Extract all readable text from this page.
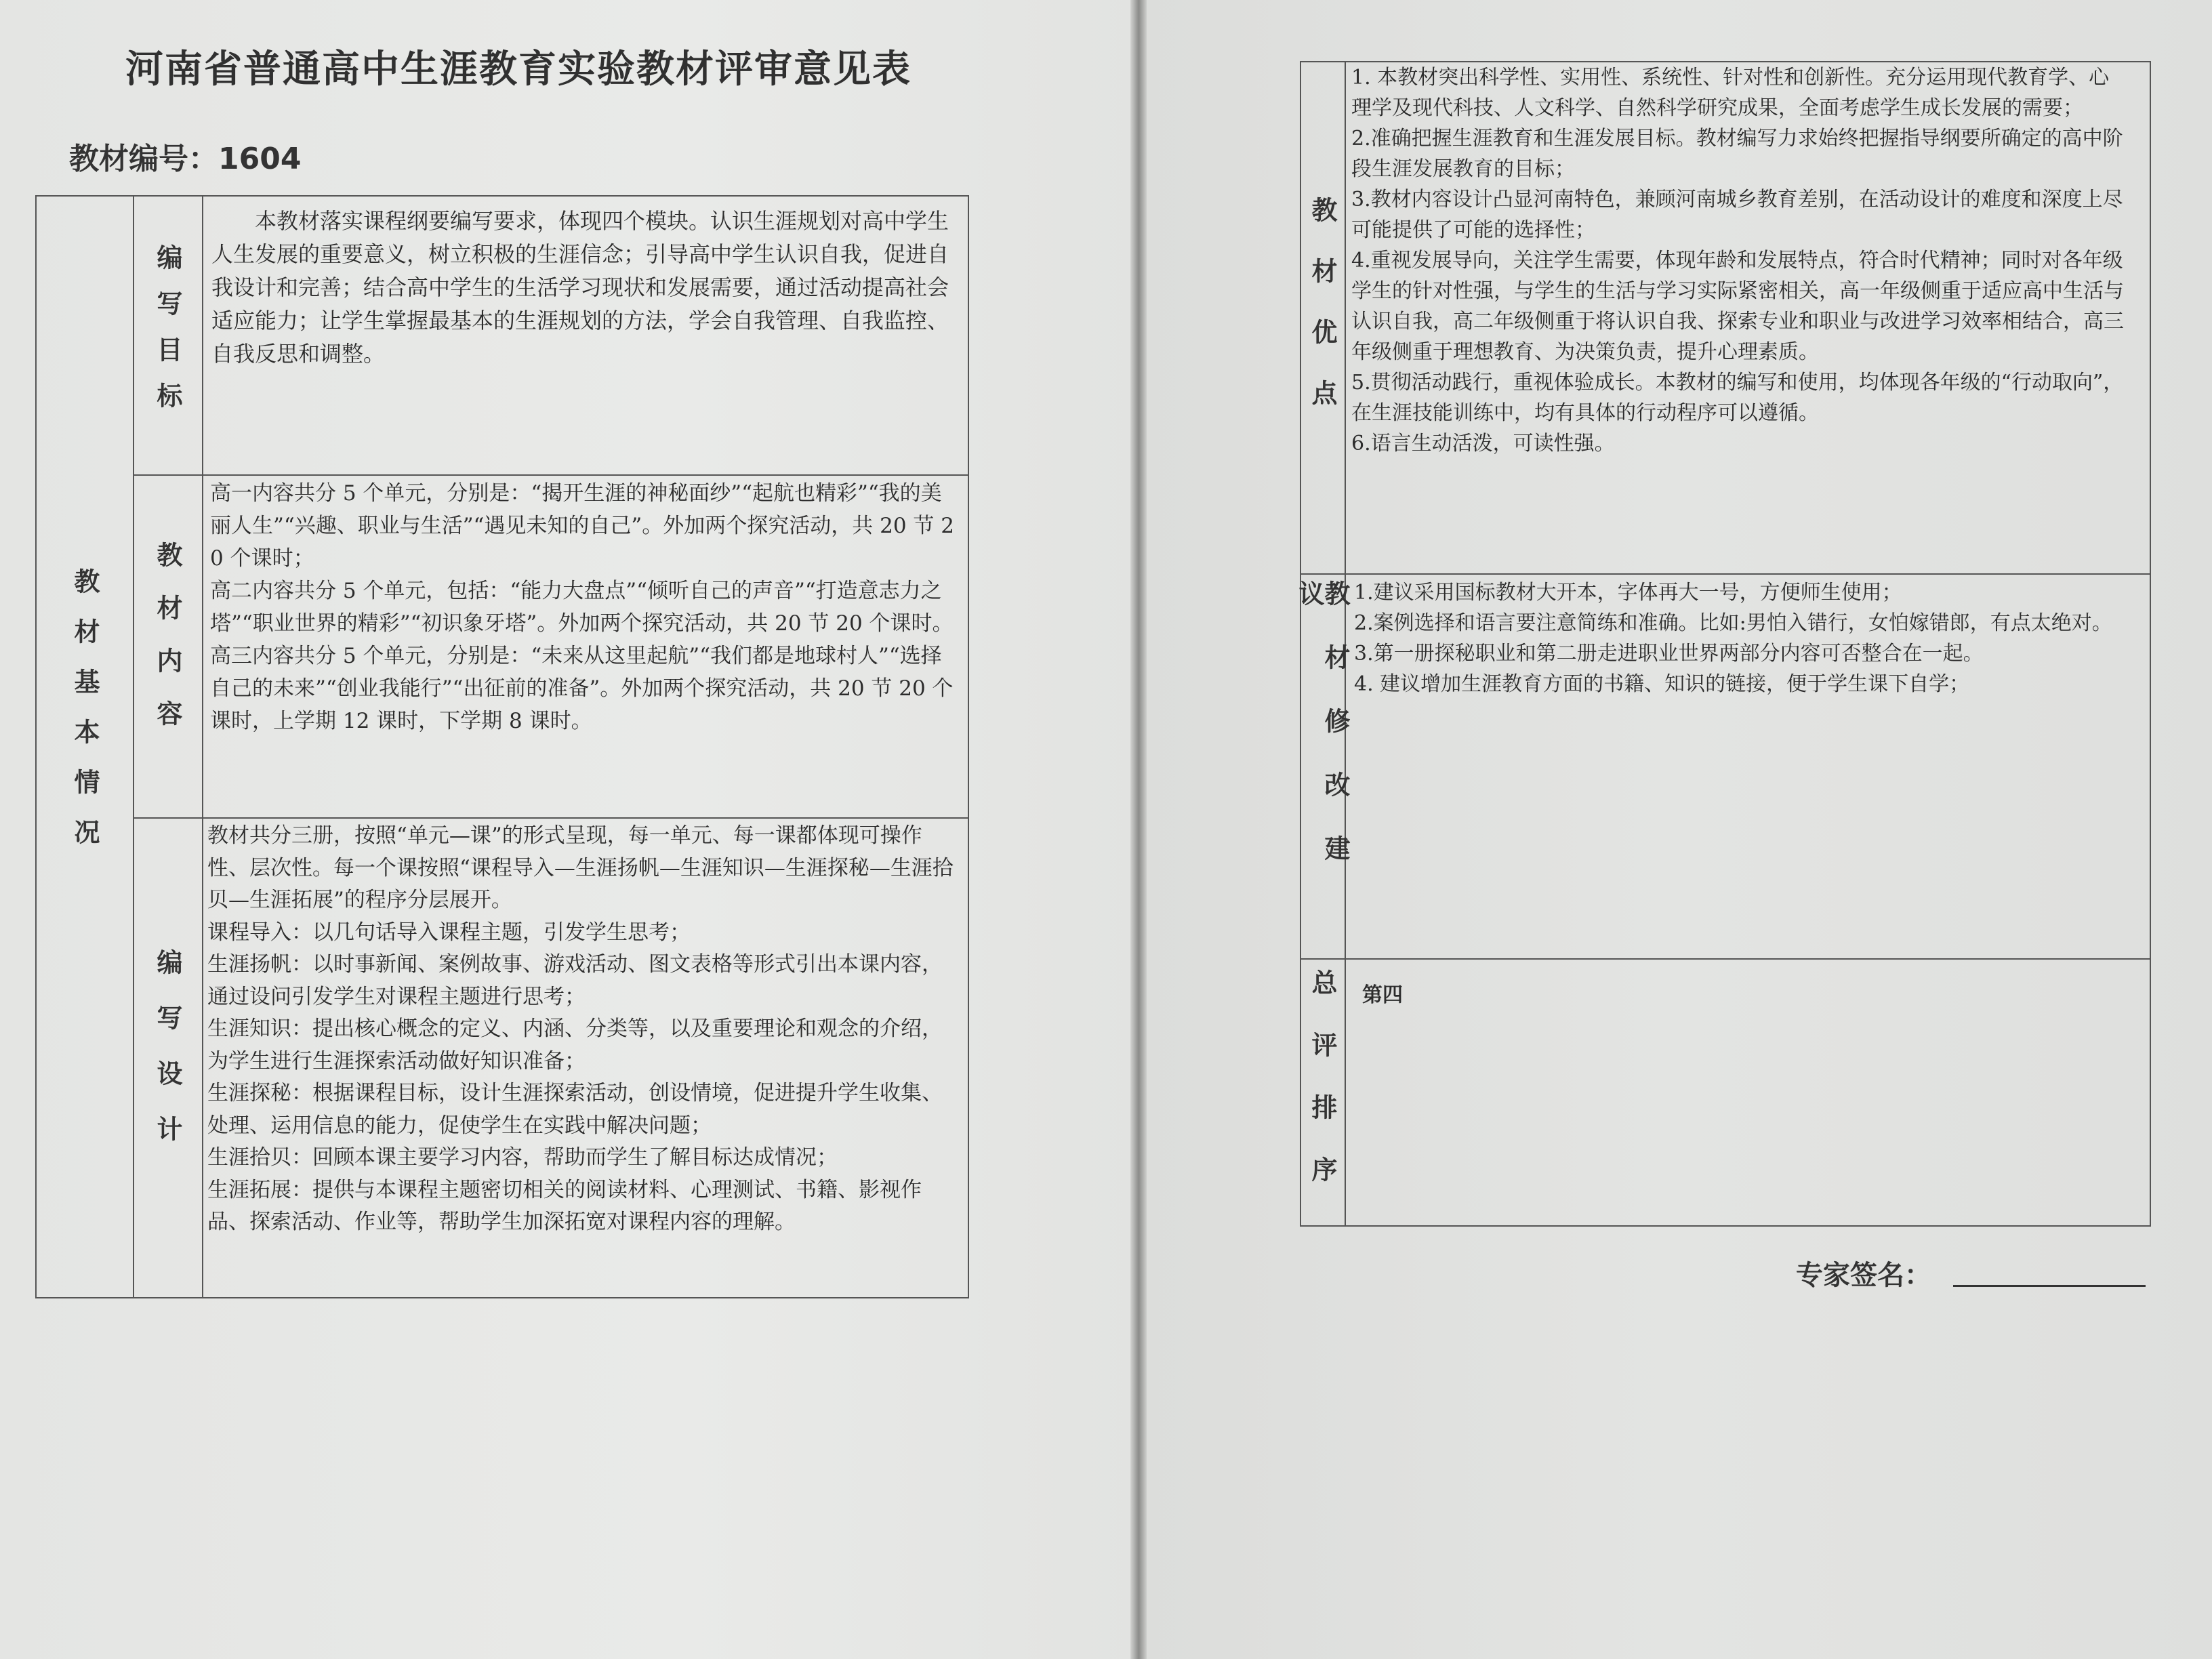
河南省普通高中生涯教育实验教材评审意见表
教材编号：1604
教材基本情况
编写目标

本教材落实课程纲要编写要求，体现四个模块。认识生涯规划对高中学生人生发展的重要意义，树立积极的生涯信念；引导高中学生认识自我，促进自我设计和完善；结合高中学生的生活学习现状和发展需要，通过活动提高社会适应能力；让学生掌握最基本的生涯规划的方法，学会自我管理、自我监控、自我反思和调整。

教材内容

高一内容共分 5 个单元，分别是：“揭开生涯的神秘面纱”“起航也精彩”“我的美丽人生”“兴趣、职业与生活”“遇见未知的自己”。外加两个探究活动，共 20 节 20 个课时；

高二内容共分 5 个单元，包括：“能力大盘点”“倾听自己的声音”“打造意志力之塔”“职业世界的精彩”“初识象牙塔”。外加两个探究活动，共 20 节 20 个课时。

高三内容共分 5 个单元，分别是：“未来从这里起航”“我们都是地球村人”“选择自己的未来”“创业我能行”“出征前的准备”。外加两个探究活动，共 20 节 20 个课时，上学期 12 课时，下学期 8 课时。

编写设计

教材共分三册，按照“单元—课”的形式呈现，每一单元、每一课都体现可操作性、层次性。每一个课按照“课程导入—生涯扬帆—生涯知识—生涯探秘—生涯拾贝—生涯拓展”的程序分层展开。

课程导入：以几句话导入课程主题，引发学生思考；

生涯扬帆：以时事新闻、案例故事、游戏活动、图文表格等形式引出本课内容，通过设问引发学生对课程主题进行思考；

生涯知识：提出核心概念的定义、内涵、分类等，以及重要理论和观念的介绍，为学生进行生涯探索活动做好知识准备；

生涯探秘：根据课程目标，设计生涯探索活动，创设情境，促进提升学生收集、处理、运用信息的能力，促使学生在实践中解决问题；

生涯拾贝：回顾本课主要学习内容，帮助而学生了解目标达成情况；

生涯拓展：提供与本课程主题密切相关的阅读材料、心理测试、书籍、影视作品、探索活动、作业等，帮助学生加深拓宽对课程内容的理解。

教材优点

1. 本教材突出科学性、实用性、系统性、针对性和创新性。充分运用现代教育学、心理学及现代科技、人文科学、自然科学研究成果，全面考虑学生成长发展的需要；

2.准确把握生涯教育和生涯发展目标。教材编写力求始终把握指导纲要所确定的高中阶段生涯发展教育的目标；

3.教材内容设计凸显河南特色，兼顾河南城乡教育差别，在活动设计的难度和深度上尽可能提供了可能的选择性；

4.重视发展导向，关注学生需要，体现年龄和发展特点，符合时代精神；同时对各年级学生的针对性强，与学生的生活与学习实际紧密相关，高一年级侧重于适应高中生活与认识自我，高二年级侧重于将认识自我、探索专业和职业与改进学习效率相结合，高三年级侧重于理想教育、为决策负责，提升心理素质。

5.贯彻活动践行，重视体验成长。本教材的编写和使用，均体现各年级的“行动取向”，在生涯技能训练中，均有具体的行动程序可以遵循。

6.语言生动活泼，可读性强。

教材修改建议	1.建议采用国标教材大开本，字体再大一号，方便师生使用；

2.案例选择和语言要注意简练和准确。比如:男怕入错行，女怕嫁错郎，有点太绝对。

3.第一册探秘职业和第二册走进职业世界两部分内容可否整合在一起。

4. 建议增加生涯教育方面的书籍、知识的链接，便于学生课下自学；

总评排序 第四

专家签名：
